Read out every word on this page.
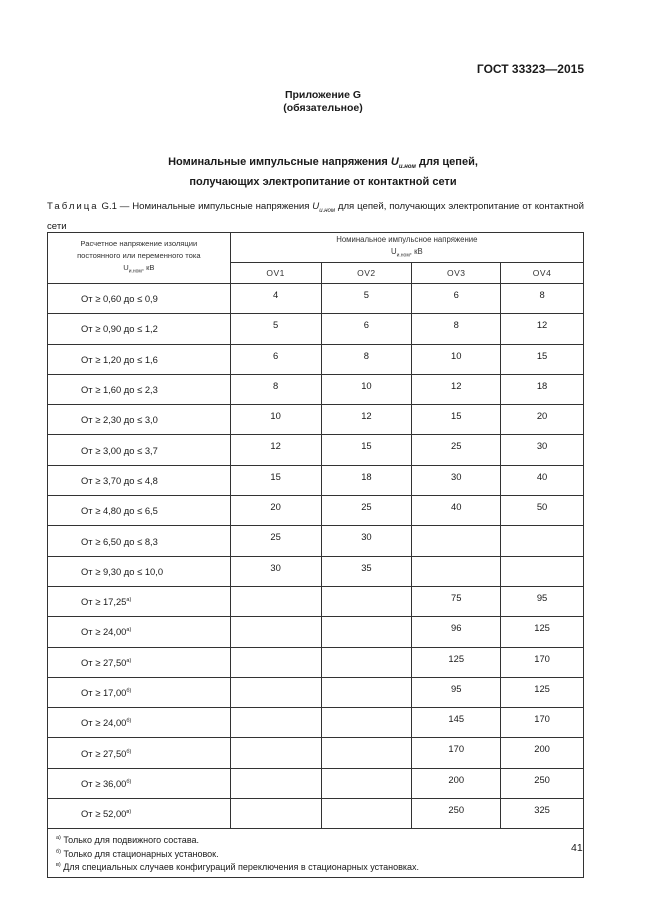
ГОСТ 33323—2015
Приложение G
(обязательное)
Номинальные импульсные напряжения $U_{и.ном}$ для цепей,
получающих электропитание от контактной сети
Таблица G.1 — Номинальные импульсные напряжения $U_{и.ном}$ для цепей, получающих электропитание от контактной сети
Расчетное напряжение изоляции
постоянного или переменного тока
$U_{и.ном}$, кВ	Номинальное импульсное напряжение
$U_{и.ном}$, кВ			
	OV1	OV2	OV3	OV4
От ≥ 0,60 до ≤ 0,9	4	5	6	8
От ≥ 0,90 до ≤ 1,2	5	6	8	12
От ≥ 1,20 до ≤ 1,6	6	8	10	15
От ≥ 1,60 до ≤ 2,3	8	10	12	18
От ≥ 2,30 до ≤ 3,0	10	12	15	20
От ≥ 3,00 до ≤ 3,7	12	15	25	30
От ≥ 3,70 до ≤ 4,8	15	18	30	40
От ≥ 4,80 до ≤ 6,5	20	25	40	50
От ≥ 6,50 до ≤ 8,3	25	30		
От ≥ 9,30 до ≤ 10,0	30	35		
От ≥ $17,25^{а)}$			75	95
От ≥ $24,00^{а)}$			96	125
От ≥ $27,50^{а)}$			125	170
От ≥ $17,00^{б)}$			95	125
От ≥ $24,00^{б)}$			145	170
От ≥ $27,50^{б)}$			170	200
От ≥ $36,00^{б)}$			200	250
От ≥ $52,00^{в)}$			250	325

$^{а)}$ Только для подвижного состава.
$^{б)}$ Только для стационарных установок.
$^{в)}$ Для специальных случаев конфигураций переключения в стационарных установках.				
41
